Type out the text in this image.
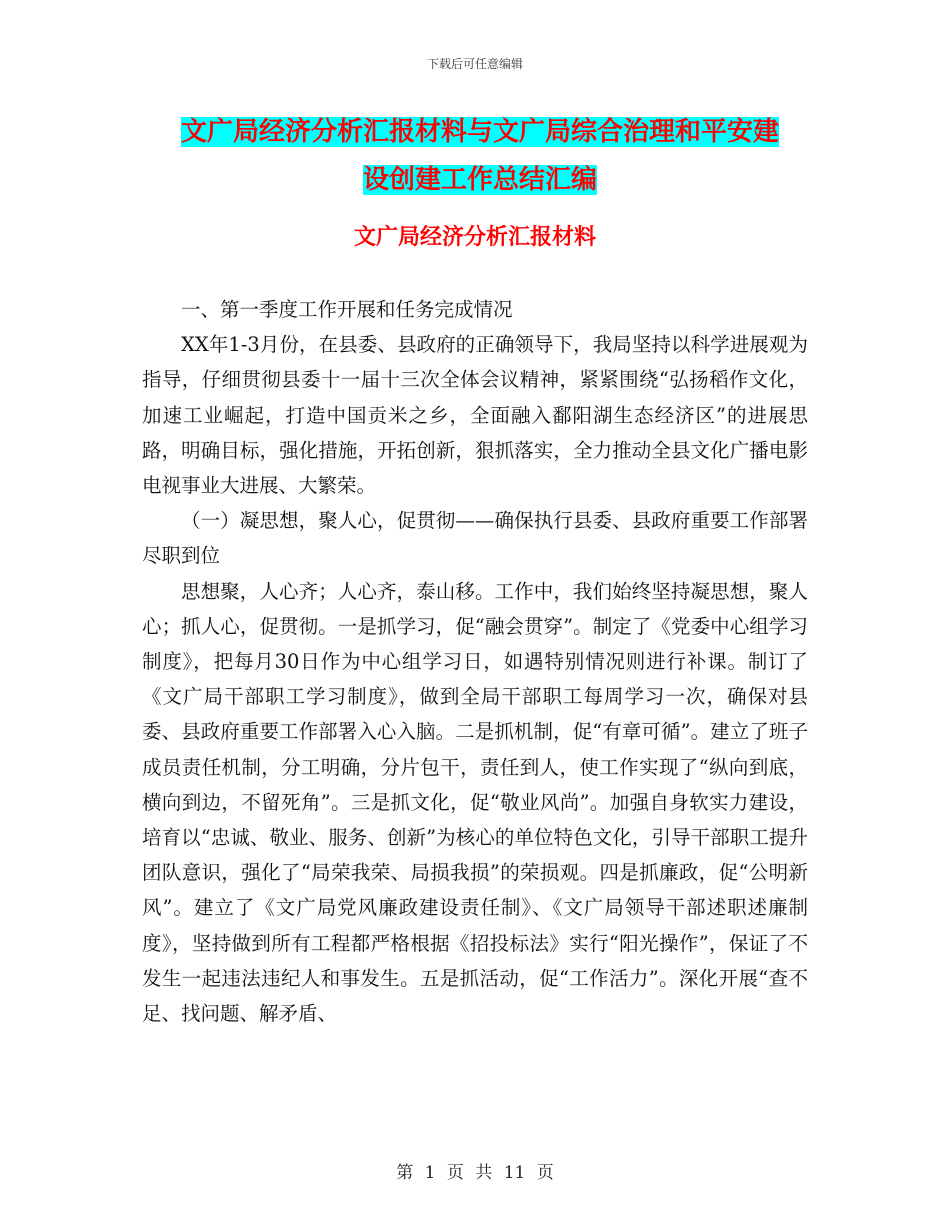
下载后可任意编辑
文广局经济分析汇报材料与文广局综合治理和平安建
设创建工作总结汇编
文广局经济分析汇报材料

一、第一季度工作开展和任务完成情况

XX年1-3月份，在县委、县政府的正确领导下，我局坚持以科学进展观为指导，仔细贯彻县委十一届十三次全体会议精神，紧紧围绕“弘扬稻作文化，加速工业崛起，打造中国贡米之乡，全面融入鄱阳湖生态经济区”的进展思路，明确目标，强化措施，开拓创新，狠抓落实，全力推动全县文化广播电影电视事业大进展、大繁荣。

（一）凝思想，聚人心，促贯彻——确保执行县委、县政府重要工作部署尽职到位

思想聚，人心齐；人心齐，泰山移。工作中，我们始终坚持凝思想，聚人心；抓人心，促贯彻。一是抓学习，促“融会贯穿”。制定了《党委中心组学习制度》，把每月30日作为中心组学习日，如遇特别情况则进行补课。制订了《文广局干部职工学习制度》，做到全局干部职工每周学习一次，确保对县委、县政府重要工作部署入心入脑。二是抓机制，促“有章可循”。建立了班子成员责任机制，分工明确，分片包干，责任到人，使工作实现了“纵向到底，横向到边，不留死角”。三是抓文化，促“敬业风尚”。加强自身软实力建设，培育以“忠诚、敬业、服务、创新”为核心的单位特色文化，引导干部职工提升团队意识，强化了“局荣我荣、局损我损”的荣损观。四是抓廉政，促“公明新风”。建立了《文广局党风廉政建设责任制》、《文广局领导干部述职述廉制度》，坚持做到所有工程都严格根据《招投标法》实行“阳光操作”，保证了不发生一起违法违纪人和事发生。五是抓活动，促“工作活力”。深化开展“查不足、找问题、解矛盾、

第 1 页 共 11 页
